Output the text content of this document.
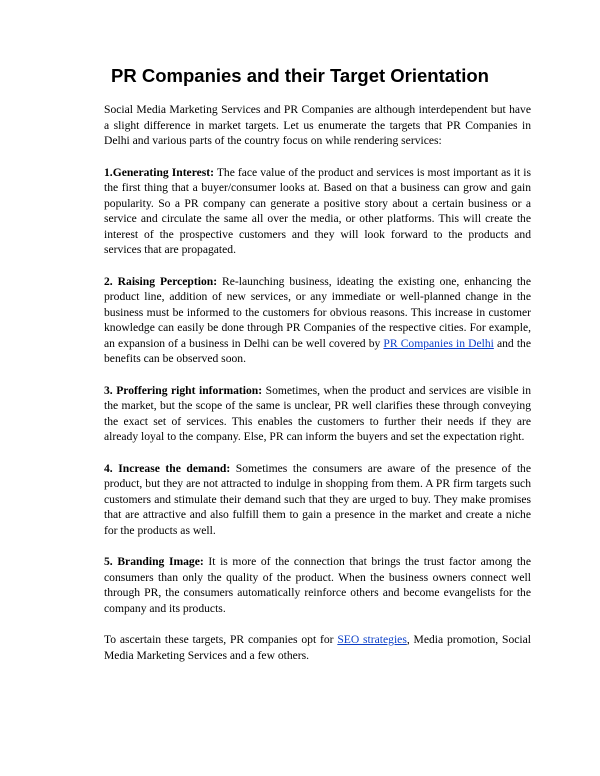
PR Companies and their Target Orientation

Social Media Marketing Services and PR Companies are although interdependent but have a slight difference in market targets. Let us enumerate the targets that PR Companies in Delhi and various parts of the country focus on while rendering services:

1.Generating Interest: The face value of the product and services is most important as it is the first thing that a buyer/consumer looks at. Based on that a business can grow and gain popularity. So a PR company can generate a positive story about a certain business or a service and circulate the same all over the media, or other platforms. This will create the interest of the prospective customers and they will look forward to the products and services that are propagated.

2. Raising Perception: Re-launching business, ideating the existing one, enhancing the product line, addition of new services, or any immediate or well-planned change in the business must be informed to the customers for obvious reasons. This increase in customer knowledge can easily be done through PR Companies of the respective cities. For example, an expansion of a business in Delhi can be well covered by PR Companies in Delhi and the benefits can be observed soon.

3. Proffering right information: Sometimes, when the product and services are visible in the market, but the scope of the same is unclear, PR well clarifies these through conveying the exact set of services. This enables the customers to further their needs if they are already loyal to the company. Else, PR can inform the buyers and set the expectation right.

4. Increase the demand: Sometimes the consumers are aware of the presence of the product, but they are not attracted to indulge in shopping from them. A PR firm targets such customers and stimulate their demand such that they are urged to buy. They make promises that are attractive and also fulfill them to gain a presence in the market and create a niche for the products as well.

5. Branding Image: It is more of the connection that brings the trust factor among the consumers than only the quality of the product. When the business owners connect well through PR, the consumers automatically reinforce others and become evangelists for the company and its products.

To ascertain these targets, PR companies opt for SEO strategies, Media promotion, Social Media Marketing Services and a few others.
